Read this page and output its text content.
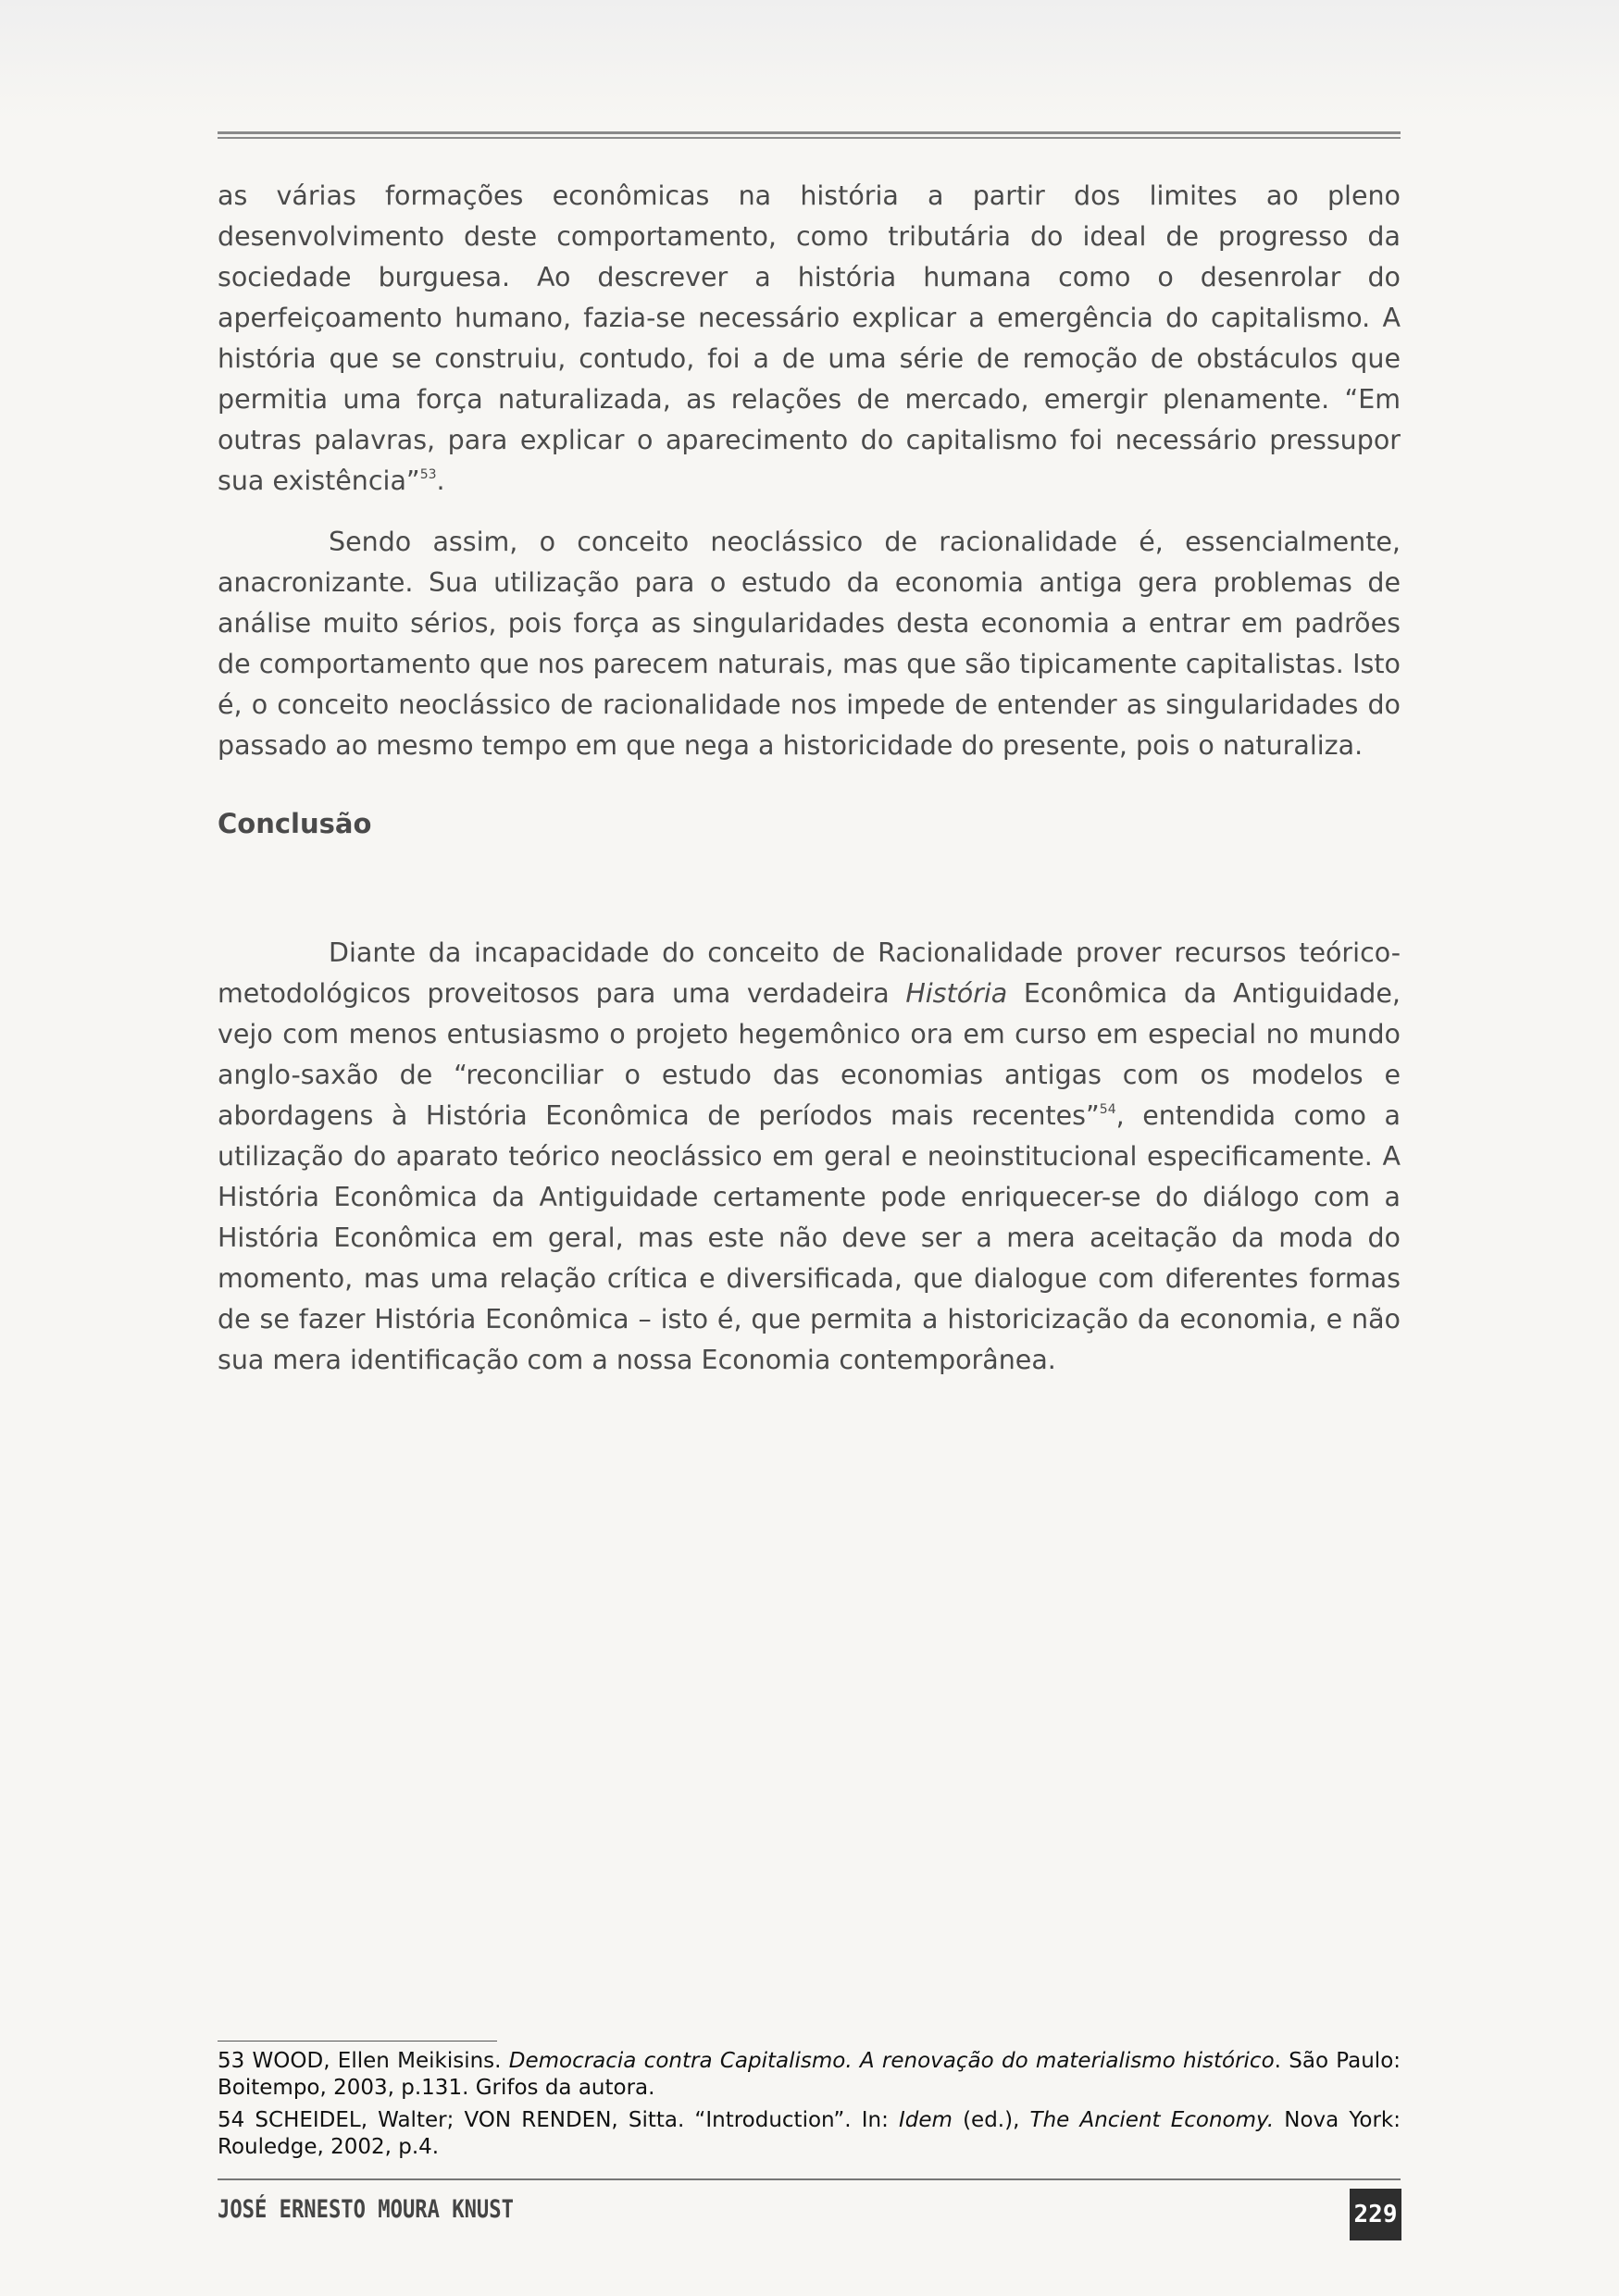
as várias formações econômicas na história a partir dos limites ao pleno desenvolvimento deste comportamento, como tributária do ideal de progresso da sociedade burguesa. Ao descrever a história humana como o desenrolar do aperfeiçoamento humano, fazia-se necessário explicar a emergência do capitalismo. A história que se construiu, contudo, foi a de uma série de remoção de obstáculos que permitia uma força naturalizada, as relações de mercado, emergir plenamente. “Em outras palavras, para explicar o aparecimento do capitalismo foi necessário pressupor sua existência”$^{53}$.

Sendo assim, o conceito neoclássico de racionalidade é, essencialmente, anacronizante. Sua utilização para o estudo da economia antiga gera problemas de análise muito sérios, pois força as singularidades desta economia a entrar em padrões de comportamento que nos parecem naturais, mas que são tipicamente capitalistas. Isto é, o conceito neoclássico de racionalidade nos impede de entender as singularidades do passado ao mesmo tempo em que nega a historicidade do presente, pois o naturaliza.

Conclusão

Diante da incapacidade do conceito de Racionalidade prover recursos teórico-metodológicos proveitosos para uma verdadeira História Econômica da Antiguidade, vejo com menos entusiasmo o projeto hegemônico ora em curso em especial no mundo anglo-saxão de “reconciliar o estudo das economias antigas com os modelos e abordagens à História Econômica de períodos mais recentes”$^{54}$, entendida como a utilização do aparato teórico neoclássico em geral e neoinstitucional especificamente. A História Econômica da Antiguidade certamente pode enriquecer-se do diálogo com a História Econômica em geral, mas este não deve ser a mera aceitação da moda do momento, mas uma relação crítica e diversificada, que dialogue com diferentes formas de se fazer História Econômica – isto é, que permita a historicização da economia, e não sua mera identificação com a nossa Economia contemporânea.

53 WOOD, Ellen Meikisins. Democracia contra Capitalismo. A renovação do materialismo histórico. São Paulo: Boitempo, 2003, p.131. Grifos da autora.

54 SCHEIDEL, Walter; VON RENDEN, Sitta. “Introduction”. In: Idem (ed.), The Ancient Economy. Nova York: Rouledge, 2002, p.4.

JOSÉ ERNESTO MOURA KNUST	229
